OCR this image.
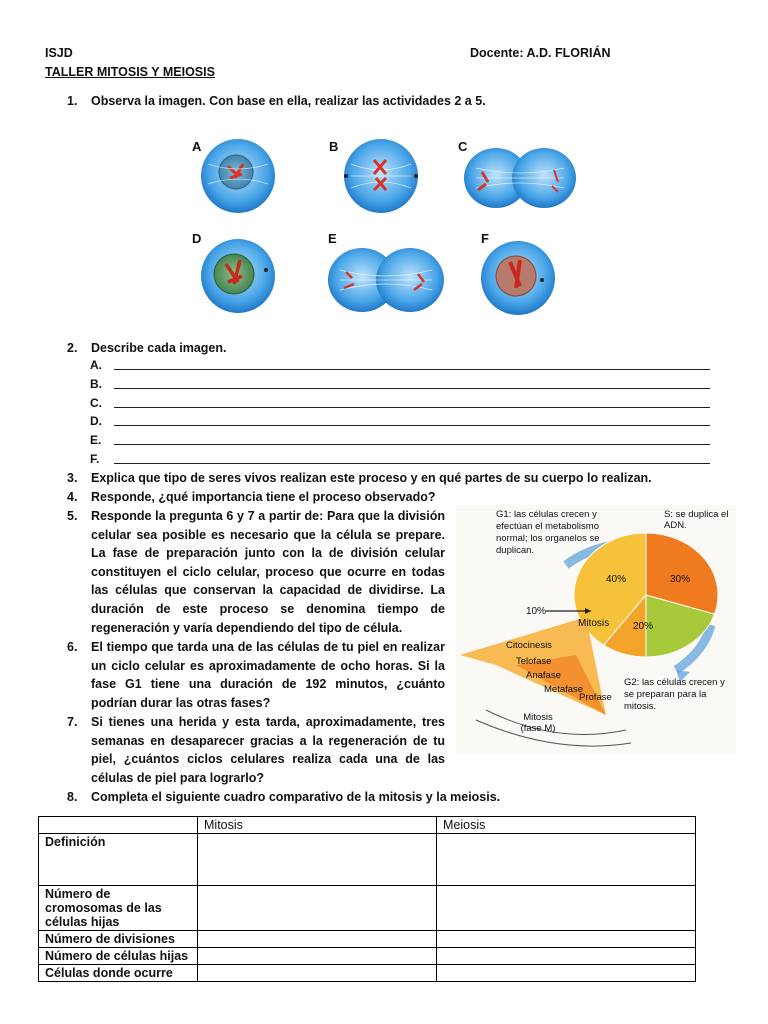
ISJD	Docente: A.D. FLORIÁN
TALLER MITOSIS Y MEIOSIS
1. Observa la imagen. Con base en ella, realizar las actividades 2 a 5.
A	B	C
D	E	F
2. Describe cada imagen.
A.
B.
C.
D.
E.
F.
3. Explica que tipo de seres vivos realizan este proceso y en qué partes de su cuerpo lo realizan.
4. Responde, ¿qué importancia tiene el proceso observado?
5. Responde la pregunta 6 y 7 a partir de: Para que la división celular sea posible es necesario que la célula se prepare. La fase de preparación junto con la de división celular constituyen el ciclo celular, proceso que ocurre en todas las células que conservan la capacidad de dividirse. La duración de este proceso se denomina tiempo de regeneración y varía dependiendo del tipo de célula.
6. El tiempo que tarda una de las células de tu piel en realizar un ciclo celular es aproximadamente de ocho horas. Si la fase G1 tiene una duración de 192 minutos, ¿cuánto podrían durar las otras fases?
7. Si tienes una herida y esta tarda, aproximadamente, tres semanas en desaparecer gracias a la regeneración de tu piel, ¿cuántos ciclos celulares realiza cada una de las células de piel para lograrlo?
8. Completa el siguiente cuadro comparativo de la mitosis y la meiosis.
G1: las células crecen y efectúan el metabolismo normal; los organelos se duplican.
S: se duplica el ADN.
G2: las células crecen y se preparan para la mitosis.
40%	30%
20%
10%
Mitosis
Citocinesis
Telofase
Anafase
Metafase
Profase
Mitosis (fase M)
	Mitosis	Meiosis
Definición		
Número de cromosomas de las células hijas		
Número de divisiones		
Número de células hijas		
Células donde ocurre		
